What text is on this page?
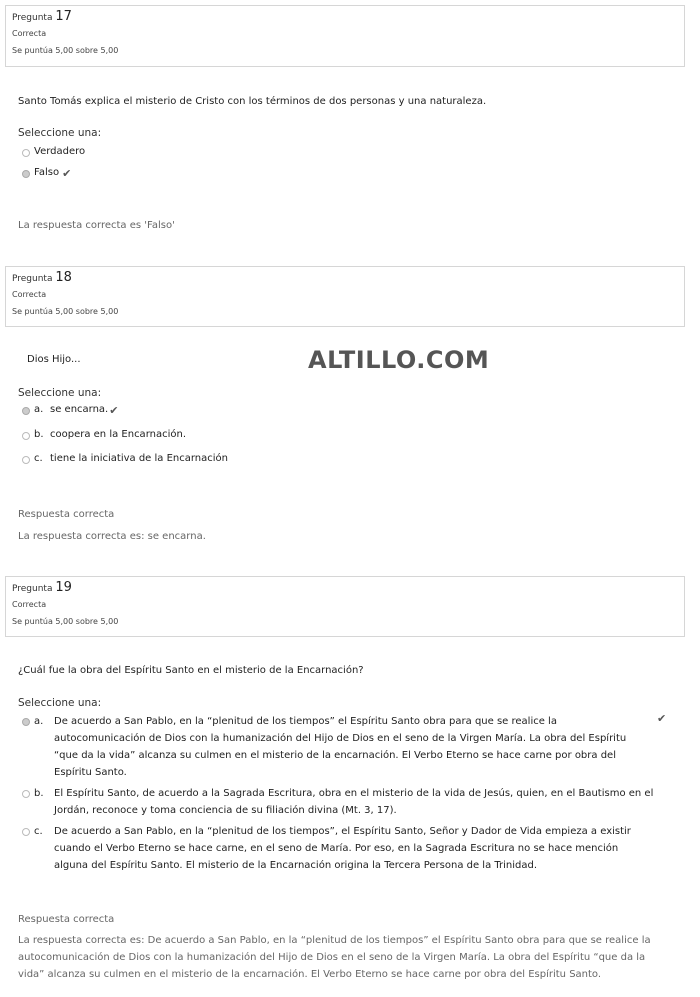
Pregunta 17
Correcta
Se puntúa 5,00 sobre 5,00
Santo Tomás explica el misterio de Cristo con los términos de dos personas y una naturaleza.
Seleccione una:
Verdadero
Falso ✔
La respuesta correcta es 'Falso'
Pregunta 18
Correcta
Se puntúa 5,00 sobre 5,00
Dios Hijo...	ALTILLO.COM
Seleccione una:
a. se encarna. ✔
b. coopera en la Encarnación.
c. tiene la iniciativa de la Encarnación
Respuesta correcta
La respuesta correcta es: se encarna.
Pregunta 19
Correcta
Se puntúa 5,00 sobre 5,00
¿Cuál fue la obra del Espíritu Santo en el misterio de la Encarnación?
Seleccione una:
a.	De acuerdo a San Pablo, en la “plenitud de los tiempos” el Espíritu Santo obra para que se realice la autocomunicación de Dios con la humanización del Hijo de Dios en el seno de la Virgen María. La obra del Espíritu “que da la vida” alcanza su culmen en el misterio de la encarnación. El Verbo Eterno se hace carne por obra del Espíritu Santo.
✔
b.	El Espíritu Santo, de acuerdo a la Sagrada Escritura, obra en el misterio de la vida de Jesús, quien, en el Bautismo en el Jordán, reconoce y toma conciencia de su filiación divina (Mt. 3, 17).
c.	De acuerdo a San Pablo, en la “plenitud de los tiempos”, el Espíritu Santo, Señor y Dador de Vida empieza a existir cuando el Verbo Eterno se hace carne, en el seno de María. Por eso, en la Sagrada Escritura no se hace mención alguna del Espíritu Santo. El misterio de la Encarnación origina la Tercera Persona de la Trinidad.
Respuesta correcta
La respuesta correcta es: De acuerdo a San Pablo, en la “plenitud de los tiempos” el Espíritu Santo obra para que se realice la autocomunicación de Dios con la humanización del Hijo de Dios en el seno de la Virgen María. La obra del Espíritu “que da la vida” alcanza su culmen en el misterio de la encarnación. El Verbo Eterno se hace carne por obra del Espíritu Santo.
